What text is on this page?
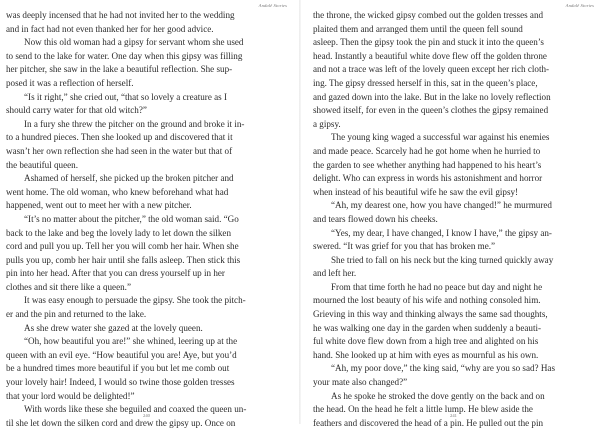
Andalê Stories

was deeply incensed that he had not invited her to the wedding

and in fact had not even thanked her for her good advice.

Now this old woman had a gipsy for servant whom she used

to send to the lake for water. One day when this gipsy was filling

her pitcher, she saw in the lake a beautiful reflection. She sup-

posed it was a reflection of herself.

“Is it right,” she cried out, “that so lovely a creature as I

should carry water for that old witch?”

In a fury she threw the pitcher on the ground and broke it in-

to a hundred pieces. Then she looked up and discovered that it

wasn’t her own reflection she had seen in the water but that of

the beautiful queen.

Ashamed of herself, she picked up the broken pitcher and

went home. The old woman, who knew beforehand what had

happened, went out to meet her with a new pitcher.

“It’s no matter about the pitcher,” the old woman said. “Go

back to the lake and beg the lovely lady to let down the silken

cord and pull you up. Tell her you will comb her hair. When she

pulls you up, comb her hair until she falls asleep. Then stick this

pin into her head. After that you can dress yourself up in her

clothes and sit there like a queen.”

It was easy enough to persuade the gipsy. She took the pitch-

er and the pin and returned to the lake.

As she drew water she gazed at the lovely queen.

“Oh, how beautiful you are!” she whined, leering up at the

queen with an evil eye. “How beautiful you are! Aye, but you’d

be a hundred times more beautiful if you but let me comb out

your lovely hair! Indeed, I would so twine those golden tresses

that your lord would be delighted!”

With words like these she beguiled and coaxed the queen un-

til she let down the silken cord and drew the gipsy up. Once on

240
Andalê Stories

the throne, the wicked gipsy combed out the golden tresses and

plaited them and arranged them until the queen fell sound

asleep. Then the gipsy took the pin and stuck it into the queen’s

head. Instantly a beautiful white dove flew off the golden throne

and not a trace was left of the lovely queen except her rich cloth-

ing. The gipsy dressed herself in this, sat in the queen’s place,

and gazed down into the lake. But in the lake no lovely reflection

showed itself, for even in the queen’s clothes the gipsy remained

a gipsy.

The young king waged a successful war against his enemies

and made peace. Scarcely had he got home when he hurried to

the garden to see whether anything had happened to his heart’s

delight. Who can express in words his astonishment and horror

when instead of his beautiful wife he saw the evil gipsy!

“Ah, my dearest one, how you have changed!” he murmured

and tears flowed down his cheeks.

“Yes, my dear, I have changed, I know I have,” the gipsy an-

swered. “It was grief for you that has broken me.”

She tried to fall on his neck but the king turned quickly away

and left her.

From that time forth he had no peace but day and night he

mourned the lost beauty of his wife and nothing consoled him.

Grieving in this way and thinking always the same sad thoughts,

he was walking one day in the garden when suddenly a beauti-

ful white dove flew down from a high tree and alighted on his

hand. She looked up at him with eyes as mournful as his own.

“Ah, my poor dove,” the king said, “why are you so sad? Has

your mate also changed?”

As he spoke he stroked the dove gently on the back and on

the head. On the head he felt a little lump. He blew aside the

feathers and discovered the head of a pin. He pulled out the pin

241
